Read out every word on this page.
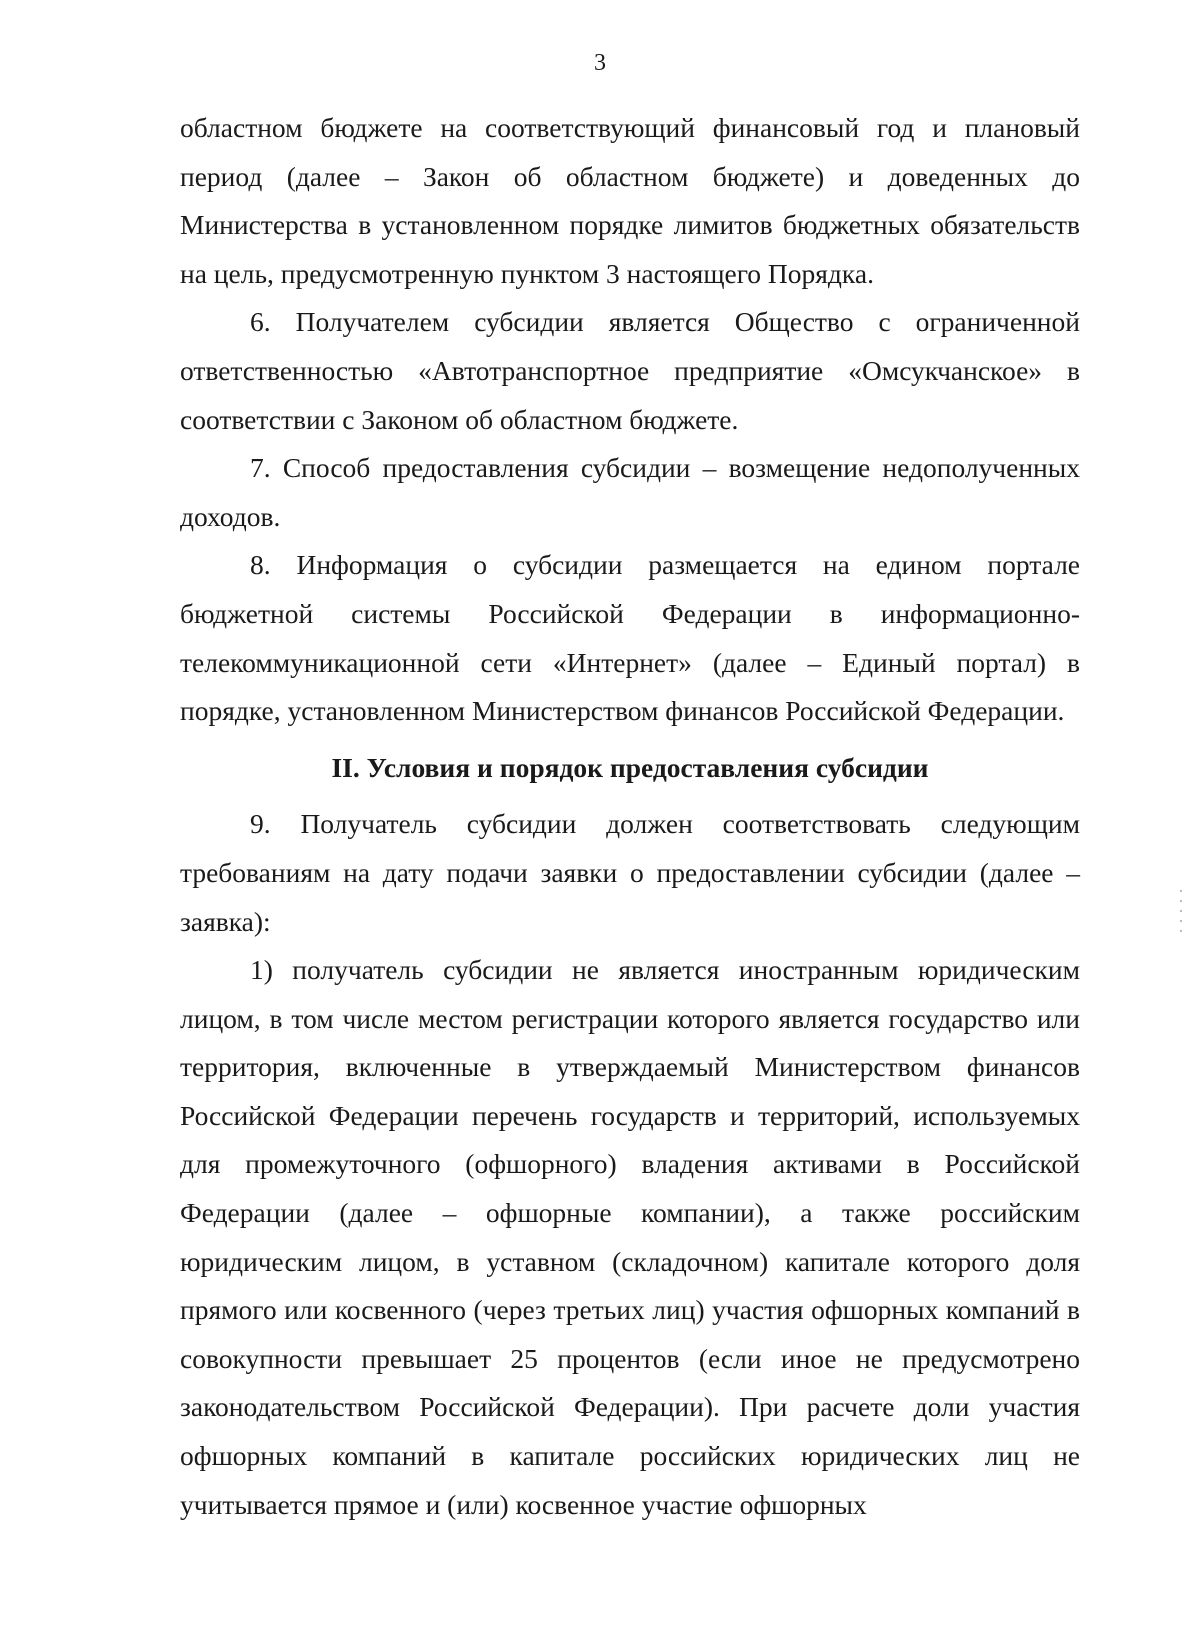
3

областном бюджете на соответствующий финансовый год и плановый период (далее – Закон об областном бюджете) и доведенных до Министерства в установленном порядке лимитов бюджетных обязательств на цель, предусмотренную пунктом 3 настоящего Порядка.

6. Получателем субсидии является Общество с ограниченной ответственностью «Автотранспортное предприятие «Омсукчанское» в соответствии с Законом об областном бюджете.

7. Способ предоставления субсидии – возмещение недополученных доходов.

8. Информация о субсидии размещается на едином портале бюджетной системы Российской Федерации в информационно-телекоммуникационной сети «Интернет» (далее – Единый портал) в порядке, установленном Министерством финансов Российской Федерации.

II. Условия и порядок предоставления субсидии

9. Получатель субсидии должен соответствовать следующим требованиям на дату подачи заявки о предоставлении субсидии (далее – заявка):

1) получатель субсидии не является иностранным юридическим лицом, в том числе местом регистрации которого является государство или территория, включенные в утверждаемый Министерством финансов Российской Федерации перечень государств и территорий, используемых для промежуточного (офшорного) владения активами в Российской Федерации (далее – офшорные компании), а также российским юридическим лицом, в уставном (складочном) капитале которого доля прямого или косвенного (через третьих лиц) участия офшорных компаний в совокупности превышает 25 процентов (если иное не предусмотрено законодательством Российской Федерации). При расчете доли участия офшорных компаний в капитале российских юридических лиц не учитывается прямое и (или) косвенное участие офшорных
